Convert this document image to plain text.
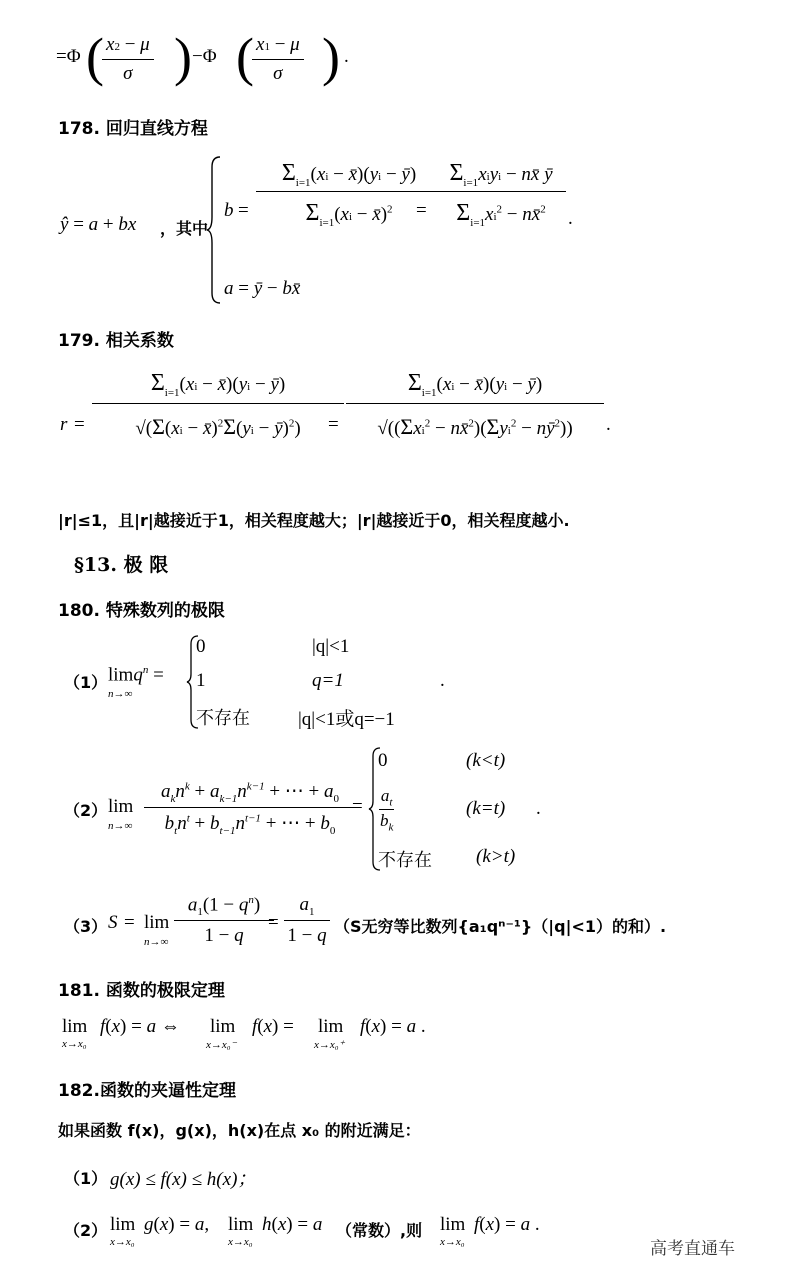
=Φ (
$\frac{x2 - \mu}{\sigma}$ ) −Φ (
$\frac{x1 - \mu}{\sigma}$ ) .
178. 回归直线方程
ŷ = a + bx ，其中
b =
$\Sigma_{i=1}(xi$ − x̄)(yi − ȳ)
$\Sigma_{i=1}(xi$ − x̄)$^2$	=
$\Sigma_{i=1}xiyi$ − nx̄ ȳ
$\Sigma_{i=1}xi^2$ − nx̄$^2$	.
a = ȳ − bx̄
179. 相关系数
r =
$\Sigma_{i=1}(xi$ − x̄)(yi − ȳ)
√(Σ(xi − x̄)$^2$Σ(yi − ȳ)$^2$)	=
$\Sigma_{i=1}(xi$ − x̄)(yi − ȳ)
√((Σxi$^2$ − nx̄$^2$)(Σyi$^2$ − $nȳ^2$))	.
|r|≤1，且|r|越接近于1，相关程度越大；|r|越接近于0，相关程度越小.
§13. 极 限
180. 特殊数列的极限
（1） limq$^n$ =
n→∞
0	|q|<1
1	q=1
不存在	|q|<1或q=−1
.
（2） lim
n→∞
$a_kn^k + a_{k-1}n^{k-1}$ + ⋯ + $a_0$
$b_tn^t + b_{t-1}n^{t-1}$ + ⋯ + $b_0$
=
0	(k<t)
$\frac{a_t}{b_k}$	(k=t) .
不存在 (k>t)
（3） S = lim
n→∞
$a_1(1 - q^n)$
1 − q
=
$a_1$
1 − q （S无穷等比数列{a₁qⁿ⁻¹}（|q|<1）的和）.
181. 函数的极限定理
lim
x→x₀
f(x) = a ⇔ lim
x→x₀⁻
f(x) = lim
x→x₀⁺
f(x) = a .
182.函数的夹逼性定理
如果函数 f(x)，g(x)，h(x)在点 x₀ 的附近满足：
（1） g(x) ≤ f(x) ≤ h(x)；
（2） lim
x→x₀
g(x) = a, lim
x→x₀
h(x) = a （常数）,则 lim
x→x₀
f(x) = a .
高考直通车
